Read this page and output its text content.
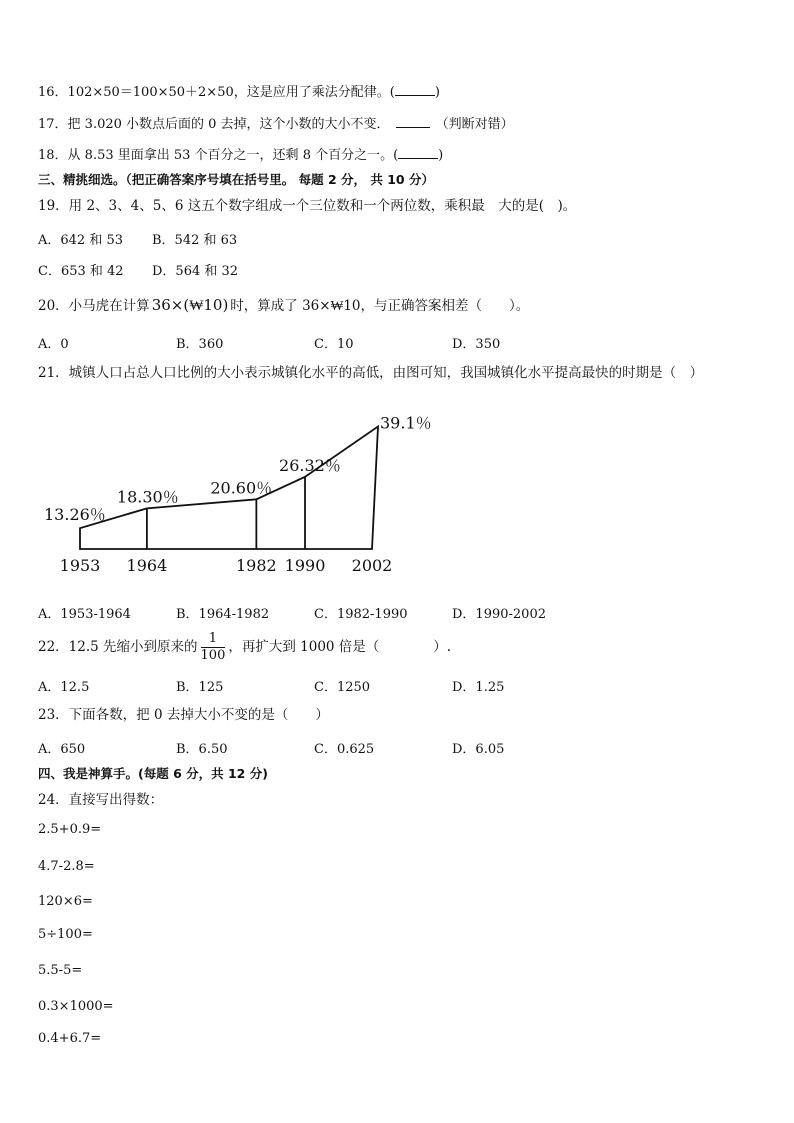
16．102×50＝100×50＋2×50，这是应用了乘法分配律。(	)
17．把 3.020 小数点后面的 0 去掉，这个小数的大小不变．	（判断对错）
18．从 8.53 里面拿出 53 个百分之一，还剩 8 个百分之一。(	)
三、精挑细选。（把正确答案序号填在括号里。 每题 2 分， 共 10 分）
19．用 2、3、4、5、6 这五个数字组成一个三位数和一个两位数，乘积最　大的是(　)。
A．642 和 53 B．542 和 63
C．653 和 42 D．564 和 32
20．小马虎在计算 36×(₩10) 时，算成了 36×₩10，与正确答案相差（　　）。
A．0	B．360	C．10	D．350
21．城镇人口占总人口比例的大小表示城镇化水平的高低，由图可知，我国城镇化水平提高最快的时期是（　）
13.26％
18.30％ 20.60％
26.32％
39.1％
1953 1964	1982 1990 2002
A．1953-1964	B．1964-1982	C．1982-1990	D．1990-2002
22．12.5 先缩小到原来的 $\frac{1}{100}$ ，再扩大到 1000 倍是（　　　　）.
A．12.5	B．125	C．1250	D．1.25
23．下面各数，把 0 去掉大小不变的是（　　）
A．650	B．6.50	C．0.625	D．6.05
四、我是神算手。(每题 6 分，共 12 分)
24．直接写出得数：
2.5+0.9=
4.7-2.8=
120×6=
5÷100=
5.5-5=
0.3×1000=
0.4+6.7=
